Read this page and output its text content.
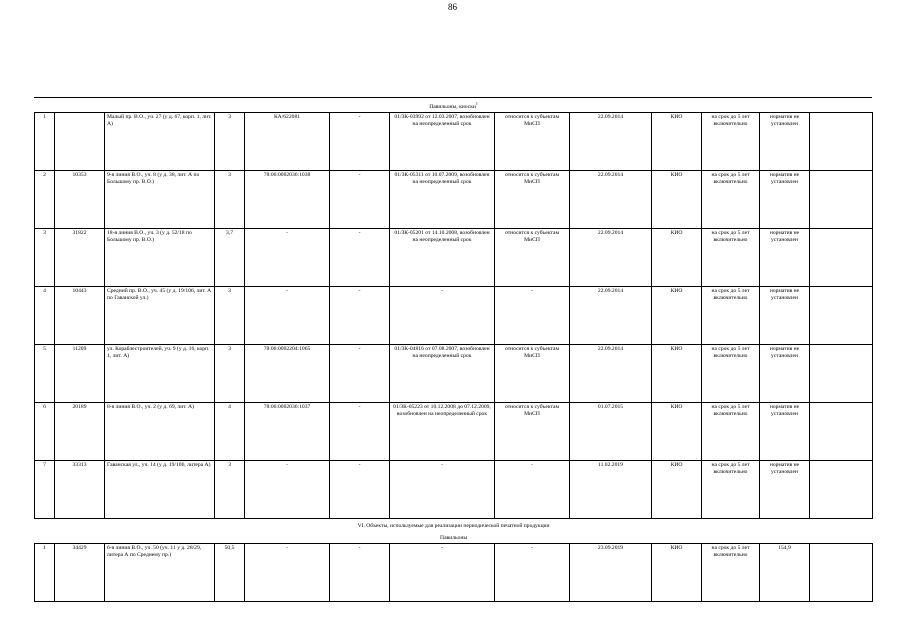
86
Павильоны, киоски$^1$
1		Малый пр. В.О., уч. 27 (у д. 67, корп. 1, лит. А)	3	КА/622081	-	01/ЗК-03992 от 12.03.2007, возобновлен на неопределенный срок	относится к субъектам МиСП	22.09.2014	КИО	на срок до 5 лет включительно	норматив не установлен	
2	10353	9-я линия В.О., уч. 8 (у д. 38, лит. А по Большому пр. В.О.)	3	78:06:0002036:1038	-	01/ЗК-05311 от 10.07.2009, возобновлен на неопределенный срок	относится к субъектам МиСП	22.09.2014	КИО	на срок до 5 лет включительно	норматив не установлен	
3	31822	18-я линия В.О., уч. 3 (у д. 52/18 по Большому пр. В.О.)	3,7	-	-	01/ЗК-05201 от 14.10.2008, возобновлен на неопределенный срок	относится к субъектам МиСП	22.09.2014	КИО	на срок до 5 лет включительно	норматив не установлен	
4	10443	Средний пр. В.О., уч. 45 (у д. 19/106, лит. А по Гаванской ул.)	3	-	-	-	-	22.09.2014	КИО	на срок до 5 лет включительно	норматив не установлен	
5	11209	ул. Кораблестроителей, уч. 9 (у д. 16, корп. 1, лит. А)	3	78:06:0002204:1065	-	01/ЗК-04816 от 07.08.2007, возобновлен на неопределенный срок	относится к субъектам МиСП	22.09.2014	КИО	на срок до 5 лет включительно	норматив не установлен	
6	20189	8-я линия В.О., уч. 2 (у д. 69, лит. А)	4	78:06:0002036:1037	-	01/ЗК-05223 от 10.12.2008 до 07.12.2009, возобновлен на неопределенный срок	относится к субъектам МиСП	01.07.2015	КИО	на срок до 5 лет включительно	норматив не установлен	
7	33313	Гаванская ул., уч. 14 (у д. 19/106, литера А)	3	-	-	-	-	11.02.2019	КИО	на срок до 5 лет включительно	норматив не установлен	
VI. Объекты, используемые для реализации периодической печатной продукции												
Павильоны												
1	34429	6-я линия В.О., уч. 50 (уч. 11 у д. 28/29, литера А по Среднему пр.)	50,5	-	-	-	-	23.09.2019	КИО	на срок до 5 лет включительно	154,9	
